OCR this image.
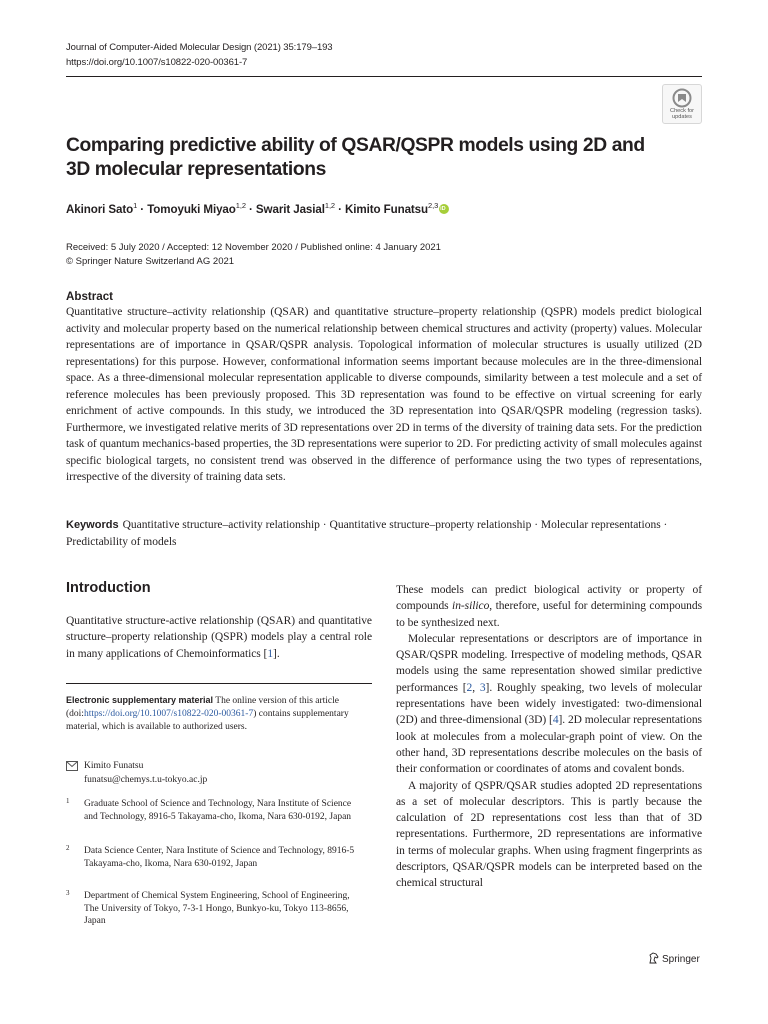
Journal of Computer-Aided Molecular Design (2021) 35:179–193
https://doi.org/10.1007/s10822-020-00361-7
Check for
updates
Comparing predictive ability of QSAR/QSPR models using 2D and 3D molecular representations
Akinori Sato$^1$ · Tomoyuki Miyao$^{1,2}$ · Swarit Jasial$^{1,2}$ · Kimito Funatsu$^{2,3}$iD
Received: 5 July 2020 / Accepted: 12 November 2020 / Published online: 4 January 2021
© Springer Nature Switzerland AG 2021
Abstract

Quantitative structure–activity relationship (QSAR) and quantitative structure–property relationship (QSPR) models predict biological activity and molecular property based on the numerical relationship between chemical structures and activity (property) values. Molecular representations are of importance in QSAR/QSPR analysis. Topological information of molecular structures is usually utilized (2D representations) for this purpose. However, conformational information seems important because molecules are in the three-dimensional space. As a three-dimensional molecular representation applicable to diverse compounds, similarity between a test molecule and a set of reference molecules has been previously proposed. This 3D representation was found to be effective on virtual screening for early enrichment of active compounds. In this study, we introduced the 3D representation into QSAR/QSPR modeling (regression tasks). Furthermore, we investigated relative merits of 3D representations over 2D in terms of the diversity of training data sets. For the prediction task of quantum mechanics-based properties, the 3D representations were superior to 2D. For predicting activity of small molecules against specific biological targets, no consistent trend was observed in the difference of performance using the two types of representations, irrespective of the diversity of training data sets.

Keywords Quantitative structure–activity relationship · Quantitative structure–property relationship · Molecular representations · Predictability of models
Introduction

Quantitative structure-active relationship (QSAR) and quantitative structure–property relationship (QSPR) models play a central role in many applications of Chemoinformatics [1].

Electronic supplementary material The online version of this article (doi:https://doi.org/10.1007/s10822-020-00361-7) contains supplementary material, which is available to authorized users.
Kimito Funatsu
funatsu@chemys.t.u-tokyo.ac.jp
1 Graduate School of Science and Technology, Nara Institute of Science and Technology, 8916-5 Takayama-cho, Ikoma, Nara 630-0192, Japan
2 Data Science Center, Nara Institute of Science and Technology, 8916-5 Takayama-cho, Ikoma, Nara 630-0192, Japan
3 Department of Chemical System Engineering, School of Engineering, The University of Tokyo, 7-3-1 Hongo, Bunkyo-ku, Tokyo 113-8656, Japan

These models can predict biological activity or property of compounds in-silico, therefore, useful for determining compounds to be synthesized next.

Molecular representations or descriptors are of importance in QSAR/QSPR modeling. Irrespective of modeling methods, QSAR models using the same representation showed similar predictive performances [2, 3]. Roughly speaking, two levels of molecular representations have been widely investigated: two-dimensional (2D) and three-dimensional (3D) [4]. 2D molecular representations look at molecules from a molecular-graph point of view. On the other hand, 3D representations describe molecules on the basis of their conformation or coordinates of atoms and covalent bonds.

A majority of QSPR/QSAR studies adopted 2D representations as a set of molecular descriptors. This is partly because the calculation of 2D representations cost less than that of 3D representations. Furthermore, 2D representations are informative in terms of molecular graphs. When using fragment fingerprints as descriptors, QSAR/QSPR models can be interpreted based on the chemical structural

Springer
